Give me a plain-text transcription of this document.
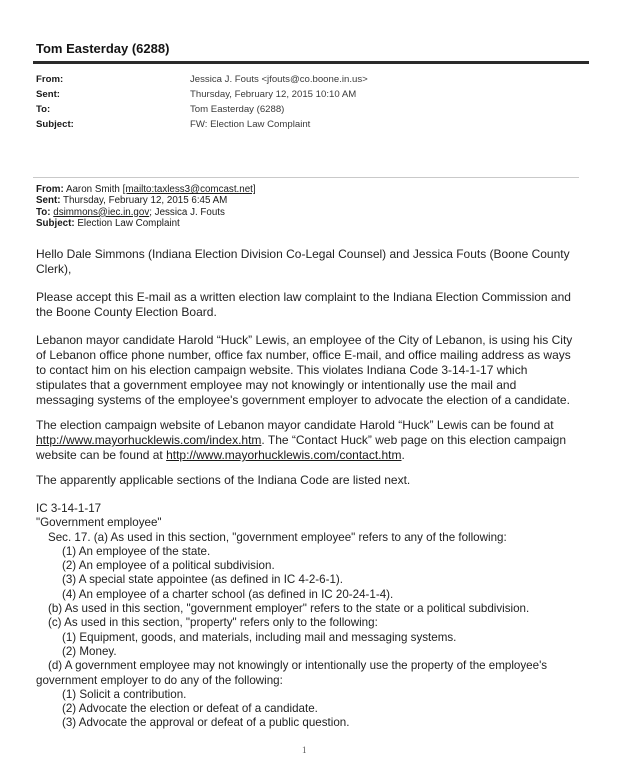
Tom Easterday (6288)
From:	Jessica J. Fouts <jfouts@co.boone.in.us>
Sent:	Thursday, February 12, 2015 10:10 AM
To:	Tom Easterday (6288)
Subject:	FW: Election Law Complaint
From: Aaron Smith [mailto:taxless3@comcast.net]
Sent: Thursday, February 12, 2015 6:45 AM
To: dsimmons@iec.in.gov; Jessica J. Fouts
Subject: Election Law Complaint
Hello Dale Simmons (Indiana Election Division Co-Legal Counsel) and Jessica Fouts (Boone County
Clerk),
Please accept this E-mail as a written election law complaint to the Indiana Election Commission and
the Boone County Election Board.
Lebanon mayor candidate Harold “Huck” Lewis, an employee of the City of Lebanon, is using his City
of Lebanon office phone number, office fax number, office E-mail, and office mailing address as ways
to contact him on his election campaign website. This violates Indiana Code 3-14-1-17 which
stipulates that a government employee may not knowingly or intentionally use the mail and
messaging systems of the employee's government employer to advocate the election of a candidate.
The election campaign website of Lebanon mayor candidate Harold “Huck” Lewis can be found at
http://www.mayorhucklewis.com/index.htm. The “Contact Huck” web page on this election campaign
website can be found at http://www.mayorhucklewis.com/contact.htm.
The apparently applicable sections of the Indiana Code are listed next.
IC 3-14-1-17
"Government employee"
Sec. 17. (a) As used in this section, "government employee" refers to any of the following:
(1) An employee of the state.
(2) An employee of a political subdivision.
(3) A special state appointee (as defined in IC 4-2-6-1).
(4) An employee of a charter school (as defined in IC 20-24-1-4).
(b) As used in this section, "government employer" refers to the state or a political subdivision.
(c) As used in this section, "property" refers only to the following:
(1) Equipment, goods, and materials, including mail and messaging systems.
(2) Money.
(d) A government employee may not knowingly or intentionally use the property of the employee's
government employer to do any of the following:
(1) Solicit a contribution.
(2) Advocate the election or defeat of a candidate.
(3) Advocate the approval or defeat of a public question.
1
